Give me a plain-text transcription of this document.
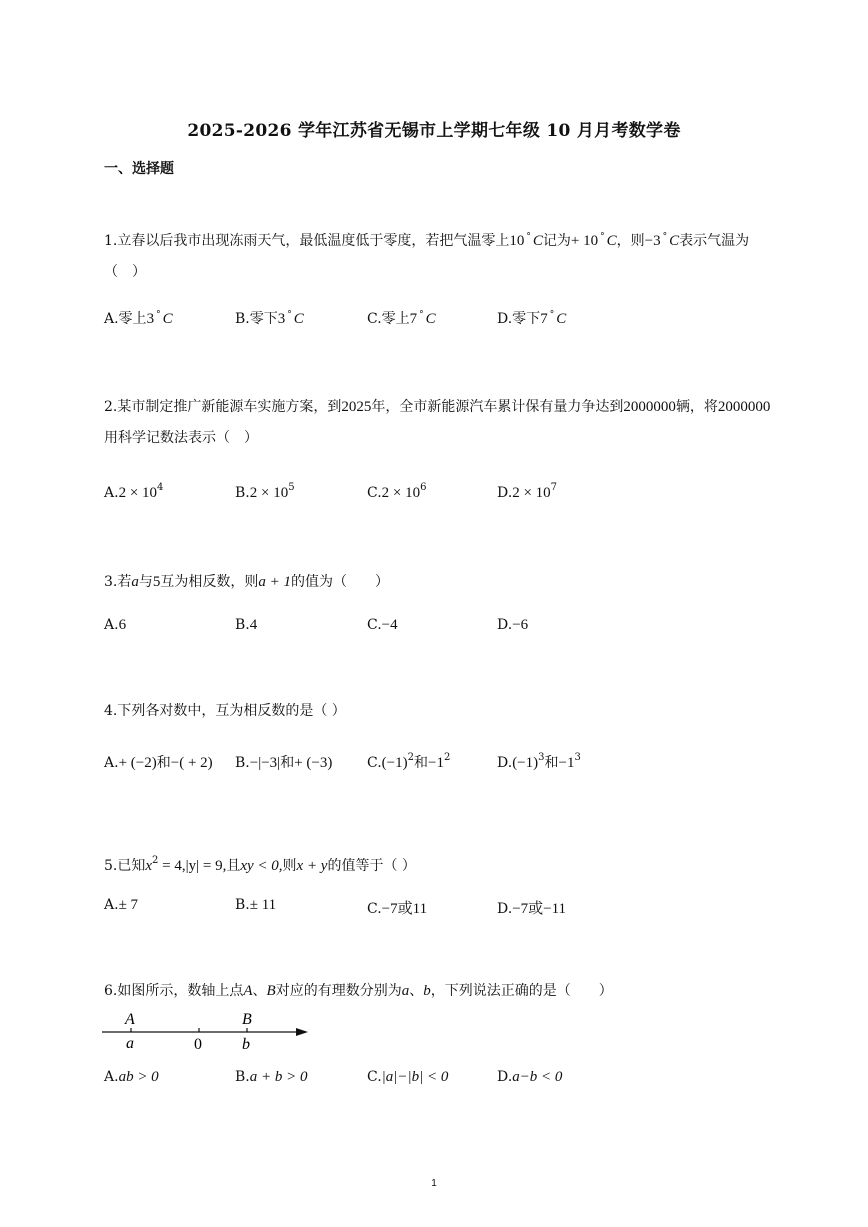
2025-2026 学年江苏省无锡市上学期七年级 10 月月考数学卷
一、选择题
1.立春以后我市出现冻雨天气，最低温度低于零度，若把气温零上10 ° C记为+ 10 ° C，则−3 ° C表示气温为（　）
A.零上3 ° C	B.零下3 ° C	C.零上7 ° C	D.零下7 ° C
2.某市制定推广新能源车实施方案，到2025年，全市新能源汽车累计保有量力争达到2000000辆，将2000000用科学记数法表示（　）
$A.2 \times 10^4$	$B.2 \times 10^5$	$C.2 \times 10^6$	$D.2 \times 10^7$
3.若a与5互为相反数，则a + 1的值为（　　）
A.6	B.4	C.−4	D.−6
4.下列各对数中，互为相反数的是（ ）
A.+ (−2)和−( + 2) B.−|−3|和+ (−3) $C.(-1)^2$和$-1^2$	$D.(-1)^3$和$-1^3$
5.已知$x^2 = 4,|y| = 9$,且xy < 0,则x + y的值等于（ ）
A.± 7	B.± 11	C.−7或11	D.−7或−11
6.如图所示，数轴上点A、B对应的有理数分别为a、b，下列说法正确的是（　　）
A	B
a	0	b
A.ab > 0	B.a + b > 0	C.|a|−|b| < 0	D.a−b < 0
1
